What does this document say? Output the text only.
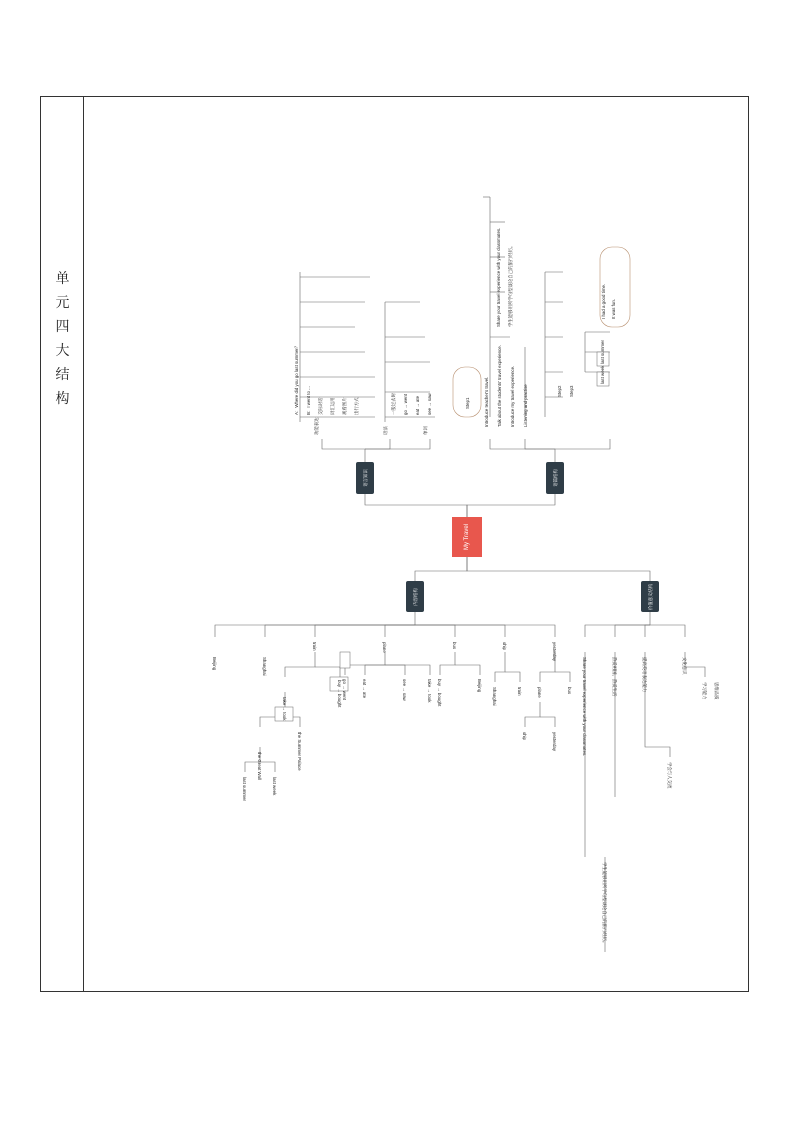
单
元
四
大
结
构
My Travel
语言知识	语篇结构
内容结构	价值意义结构
功能表达	语法	单词
A：Where did you go last summer？ B：I went to ... 交际对话 词汇运用 观看图片 出行方式	一般过去时 go → went eat → ate see → saw	Introduce teacher's travel. Talk about the students' travel experience. Introduce my travel experience. Listening and practise
Share your travel experience with your classmates. 学生能够用所学句型谈论自己的旅行经历。
Step1
Step2 Step3
I had a good time. It was fun.
last summer
last week
Beijing	Shanghai
train	plane	bus	ship	yesterday
take → took
buy → bought
the Great Wall	the Summer Palace
last summer	last week
go → went	eat → ate	see → saw	take → took buy → bought	Beijing
Shanghai	train	plane	bus
ship	yesterday	Share your travel experience with your classmates.	热爱祖国，热爱生活	提高英语表达能力
学会与人交流
文化意识
学习能力 思维品质
学生能够用所学句型谈论自己的旅行经历。
